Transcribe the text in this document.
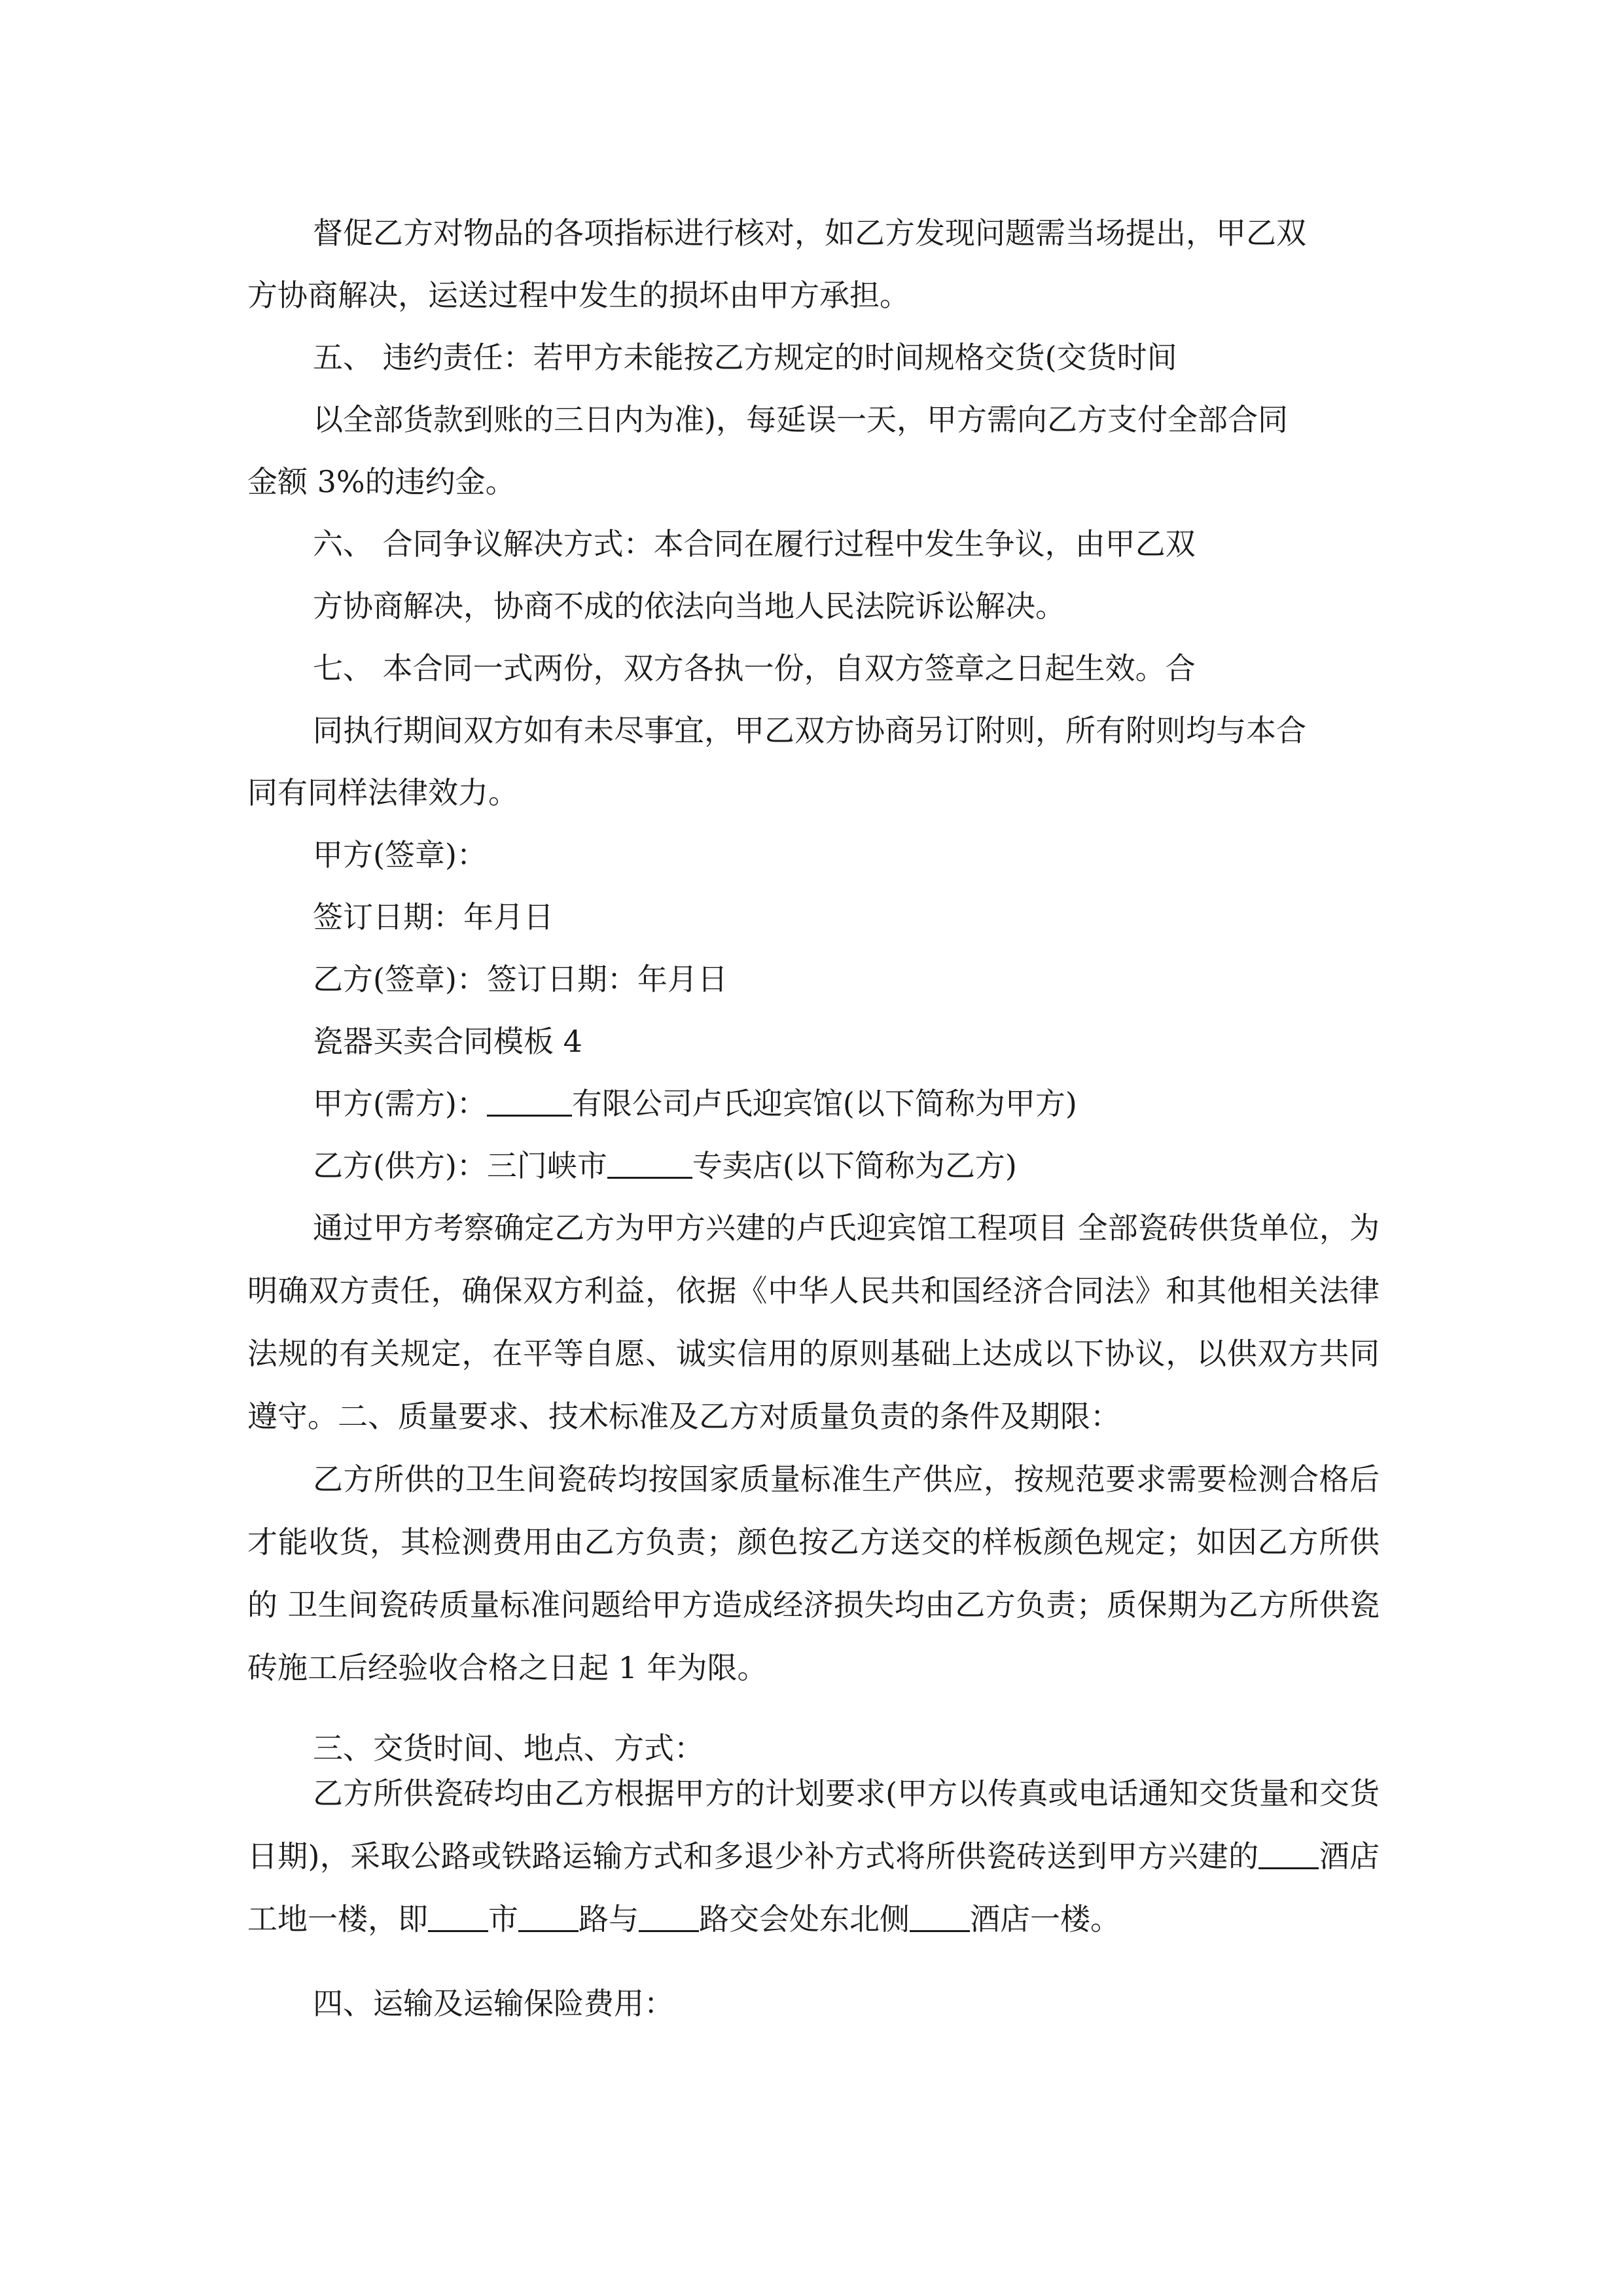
督促乙方对物品的各项指标进行核对，如乙方发现问题需当场提出，甲乙双
方协商解决，运送过程中发生的损坏由甲方承担。
五、 违约责任：若甲方未能按乙方规定的时间规格交货(交货时间
以全部货款到账的三日内为准)，每延误一天，甲方需向乙方支付全部合同
金额 3%的违约金。
六、 合同争议解决方式：本合同在履行过程中发生争议，由甲乙双
方协商解决，协商不成的依法向当地人民法院诉讼解决。
七、 本合同一式两份，双方各执一份，自双方签章之日起生效。合
同执行期间双方如有未尽事宜，甲乙双方协商另订附则，所有附则均与本合
同有同样法律效力。
甲方(签章)：
签订日期：年月日
乙方(签章)：签订日期：年月日
瓷器买卖合同模板 4
甲方(需方)：	有限公司卢氏迎宾馆(以下简称为甲方)
乙方(供方)：三门峡市	专卖店(以下简称为乙方)

通过甲方考察确定乙方为甲方兴建的卢氏迎宾馆工程项目 全部瓷砖供货单位，为明确双方责任，确保双方利益，依据《中华人民共和国经济合同法》和其他相关法律法规的有关规定，在平等自愿、诚实信用的原则基础上达成以下协议，以供双方共同遵守。二、质量要求、技术标准及乙方对质量负责的条件及期限：

乙方所供的卫生间瓷砖均按国家质量标准生产供应，按规范要求需要检测合格后才能收货，其检测费用由乙方负责；颜色按乙方送交的样板颜色规定；如因乙方所供的 卫生间瓷砖质量标准问题给甲方造成经济损失均由乙方负责；质保期为乙方所供瓷砖施工后经验收合格之日起 1 年为限。

三、交货时间、地点、方式：

乙方所供瓷砖均由乙方根据甲方的计划要求(甲方以传真或电话通知交货量和交货日期)，采取公路或铁路运输方式和多退少补方式将所供瓷砖送到甲方兴建的 酒店工地一楼，即 市 路与 路交会处东北侧 酒店一楼。

四、运输及运输保险费用：
